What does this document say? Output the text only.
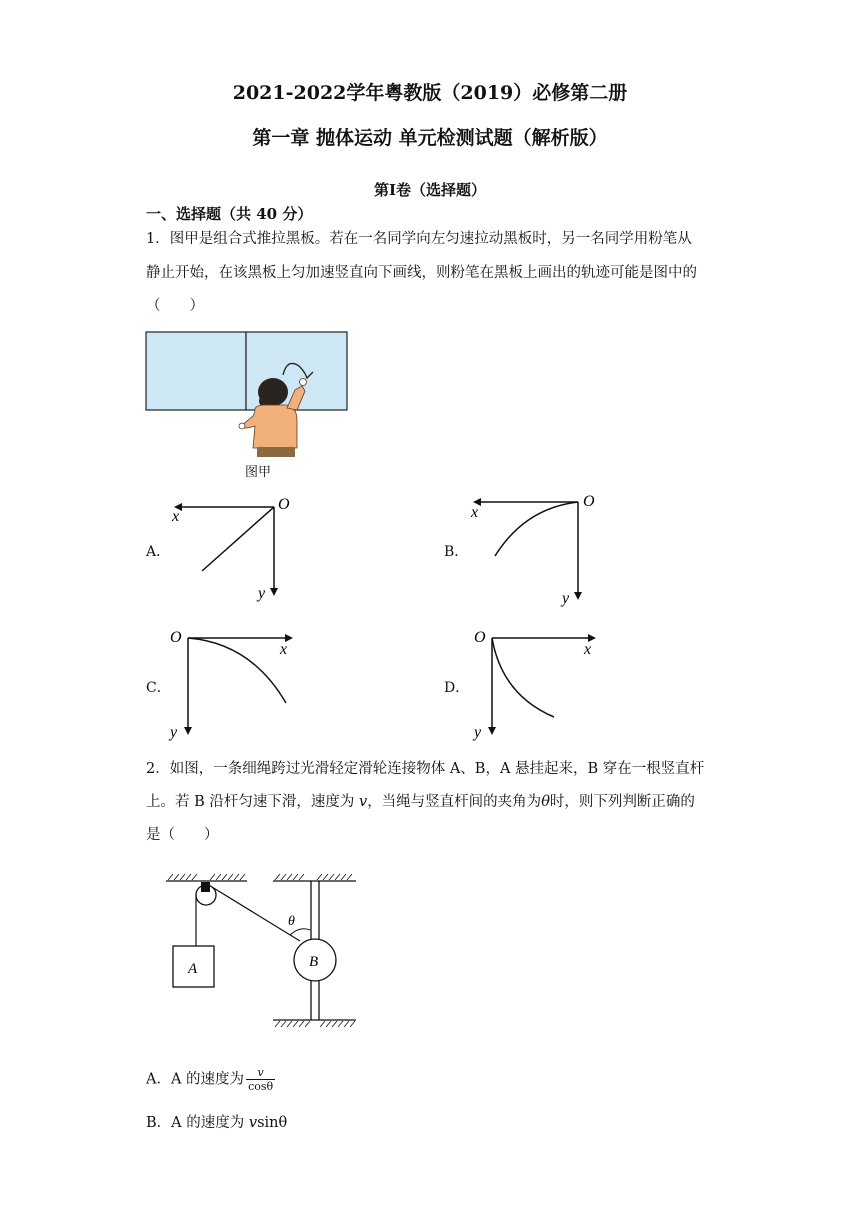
2021-2022学年粤教版（2019）必修第二册
第一章 抛体运动 单元检测试题（解析版）
第Ⅰ卷（选择题）
一、选择题（共 40 分）
1．图甲是组合式推拉黑板。若在一名同学向左匀速拉动黑板时，另一名同学用粉笔从
静止开始，在该黑板上匀加速竖直向下画线，则粉笔在黑板上画出的轨迹可能是图中的
（　　）
图甲
A．
O
x
y
B．
O
x
y
C．
O
x
y
D．
O
x
y
2．如图，一条细绳跨过光滑轻定滑轮连接物体 A、B，A 悬挂起来，B 穿在一根竖直杆
上。若 B 沿杆匀速下滑，速度为 v，当绳与竖直杆间的夹角为θ时，则下列判断正确的
是（　　）
A
θ
B
A．A 的速度为 $\frac{v}{\cos\theta}$
B．A 的速度为 vsinθ
